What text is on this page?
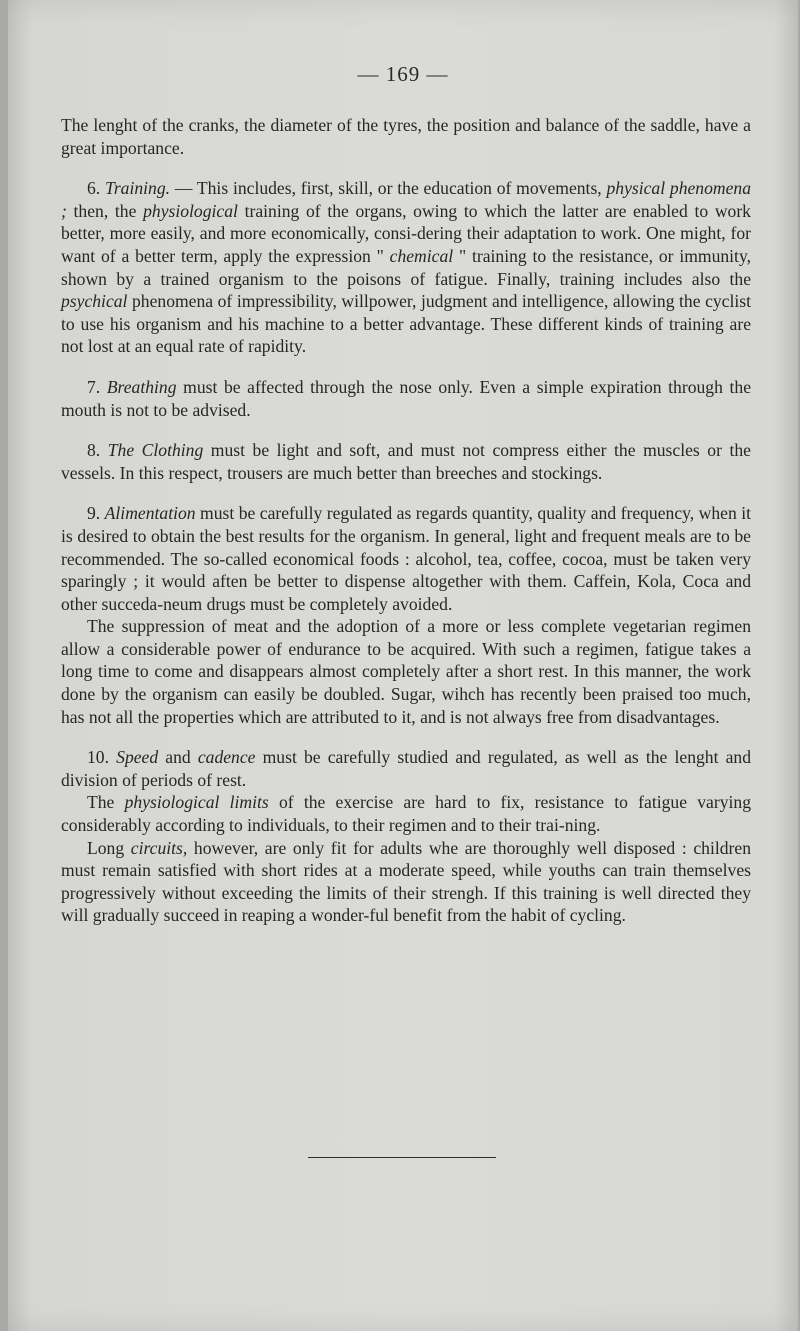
— 169 —

The lenght of the cranks, the diameter of the tyres, the position and balance of the saddle, have a great importance.

6. Training. — This includes, first, skill, or the education of movements, physical phenomena ; then, the physiological training of the organs, owing to which the latter are enabled to work better, more easily, and more economically, consi-dering their adaptation to work. One might, for want of a better term, apply the expression " chemical " training to the resistance, or immunity, shown by a trained organism to the poisons of fatigue. Finally, training includes also the psychical phenomena of impressibility, willpower, judgment and intelligence, allowing the cyclist to use his organism and his machine to a better advantage. These different kinds of training are not lost at an equal rate of rapidity.

7. Breathing must be affected through the nose only. Even a simple expiration through the mouth is not to be advised.

8. The Clothing must be light and soft, and must not compress either the muscles or the vessels. In this respect, trousers are much better than breeches and stockings.

9. Alimentation must be carefully regulated as regards quantity, quality and frequency, when it is desired to obtain the best results for the organism. In general, light and frequent meals are to be recommended. The so-called economical foods : alcohol, tea, coffee, cocoa, must be taken very sparingly ; it would aften be better to dispense altogether with them. Caffein, Kola, Coca and other succeda-neum drugs must be completely avoided.

The suppression of meat and the adoption of a more or less complete vegetarian regimen allow a considerable power of endurance to be acquired. With such a regimen, fatigue takes a long time to come and disappears almost completely after a short rest. In this manner, the work done by the organism can easily be doubled. Sugar, wihch has recently been praised too much, has not all the properties which are attributed to it, and is not always free from disadvantages.

10. Speed and cadence must be carefully studied and regulated, as well as the lenght and division of periods of rest.

The physiological limits of the exercise are hard to fix, resistance to fatigue varying considerably according to individuals, to their regimen and to their trai-ning.

Long circuits, however, are only fit for adults whe are thoroughly well disposed : children must remain satisfied with short rides at a moderate speed, while youths can train themselves progressively without exceeding the limits of their strengh. If this training is well directed they will gradually succeed in reaping a wonder-ful benefit from the habit of cycling.
